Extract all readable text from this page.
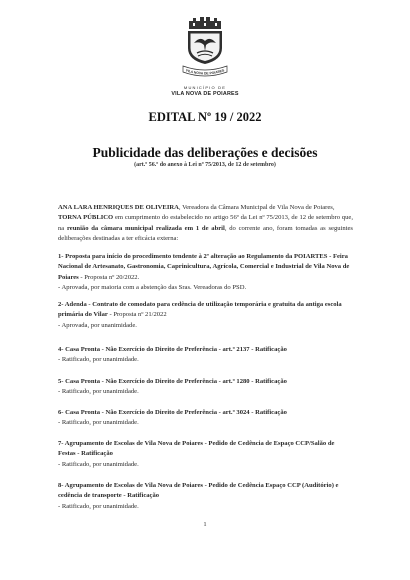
VILA NOVA DE POIARES
MUNICÍPIO DE
VILA NOVA DE POIARES
EDITAL Nº 19 / 2022
Publicidade das deliberações e decisões
(art.º 56.º do anexo à Lei nº 75/2013, de 12 de setembro)

ANA LARA HENRIQUES DE OLIVEIRA, Vereadora da Câmara Municipal de Vila Nova de Poiares,

TORNA PÚBLICO em cumprimento do estabelecido no artigo 56º da Lei nº 75/2013, de 12 de setembro que, na reunião da câmara municipal realizada em 1 de abril, do corrente ano, foram tomadas as seguintes deliberações destinadas a ter eficácia externa:

1- Proposta para início do procedimento tendente à 2ª alteração ao Regulamento da POIARTES - Feira Nacional de Artesanato, Gastronomia, Caprinicultura, Agrícola, Comercial e Industrial de Vila Nova de Poiares - Proposta nº 20/2022.
- Aprovada, por maioria com a abstenção das Sras. Vereadoras do PSD.
2- Adenda - Contrato de comodato para cedência de utilização temporária e gratuita da antiga escola primária do Vilar - Proposta nº 21/2022
- Aprovada, por unanimidade.
4- Casa Pronta - Não Exercício do Direito de Preferência - art.º 2137 - Ratificação
- Ratificado, por unanimidade.
5- Casa Pronta - Não Exercício do Direito de Preferência - art.º 1280 - Ratificação
- Ratificado, por unanimidade.
6- Casa Pronta - Não Exercício do Direito de Preferência - art.º 3024 - Ratificação
- Ratificado, por unanimidade.
7- Agrupamento de Escolas de Vila Nova de Poiares - Pedido de Cedência de Espaço CCP/Salão de Festas - Ratificação
- Ratificado, por unanimidade.
8- Agrupamento de Escolas de Vila Nova de Poiares - Pedido de Cedência Espaço CCP (Auditório) e cedência de transporte - Ratificação
- Ratificado, por unanimidade.
1
